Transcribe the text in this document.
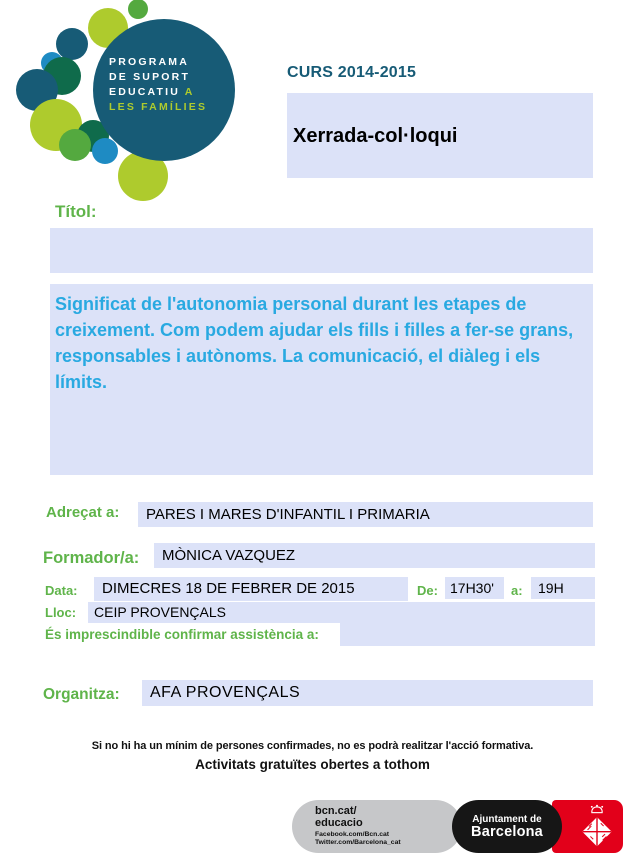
PROGRAMA
DE SUPORT
EDUCATIU A
LES FAMÍLIES
CURS 2014-2015
Xerrada-col·loqui
Títol:
Significat de l'autonomia personal durant les etapes de creixement. Com podem ajudar els fills i filles a fer-se grans, responsables i autònoms. La comunicació, el diàleg i els límits.
Adreçat a:	PARES I MARES D'INFANTIL I PRIMARIA
Formador/a:	MÒNICA VAZQUEZ
Data:	DIMECRES 18 DE FEBRER DE 2015	De: 17H30'	a:	19H
Lloc:	CEIP PROVENÇALS
És imprescindible confirmar assistència a:
Organitza:	AFA PROVENÇALS
Si no hi ha un mínim de persones confirmades, no es podrà realitzar l'acció formativa.
Activitats gratuïtes obertes a tothom
bcn.cat/
educacio
Facebook.com/Bcn.cat
Twitter.com/Barcelona_cat
Ajuntament de
Barcelona
